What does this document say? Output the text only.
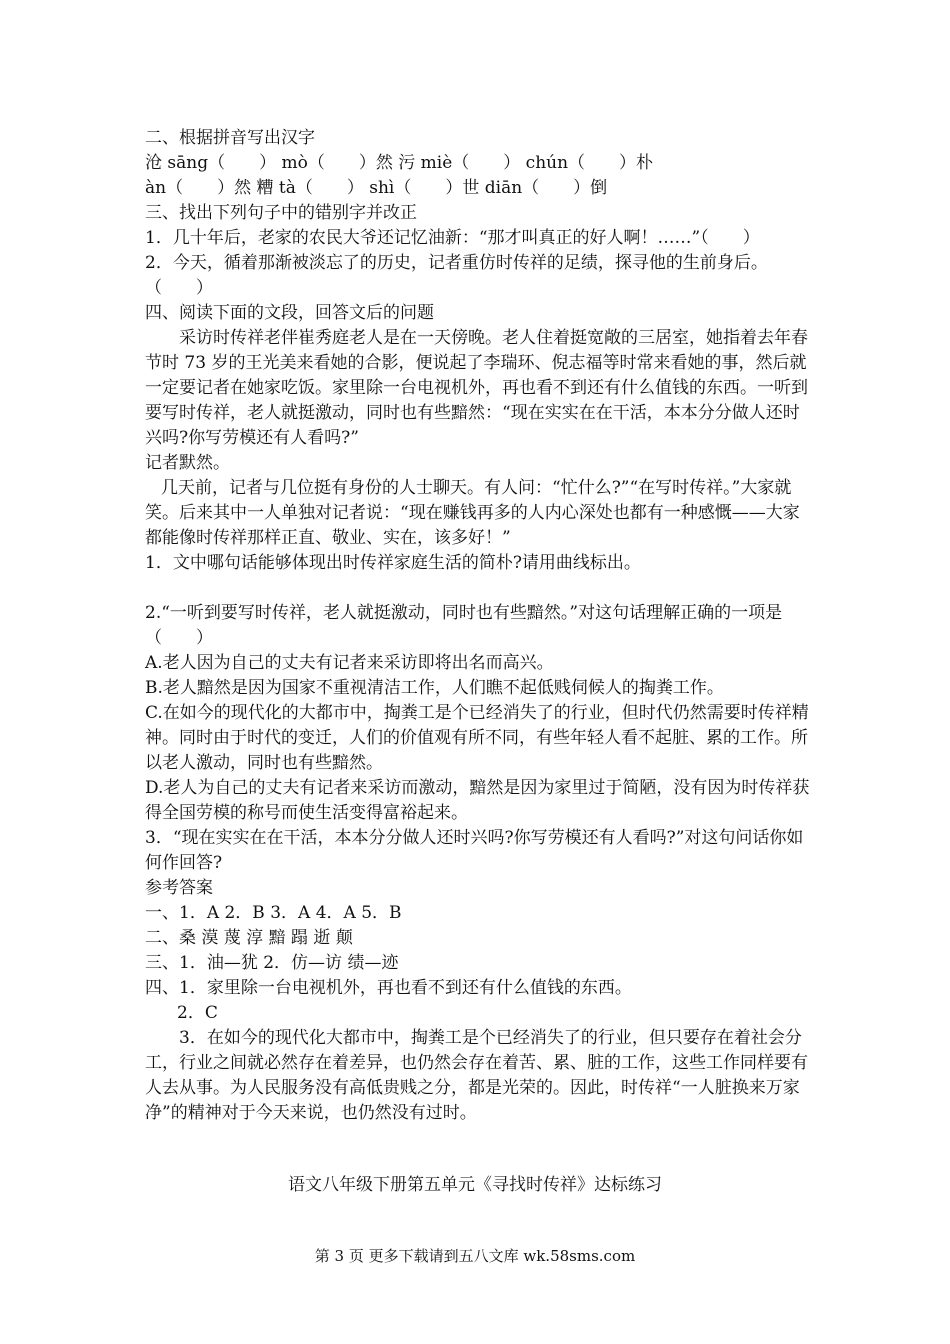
二、根据拼音写出汉字
沧 sāng（　　） mò（　　）然 污 miè（　　） chún（　　）朴
àn（　　）然 糟 tà（　　） shì（　　）世 diān（　　）倒
三、找出下列句子中的错别字并改正
1．几十年后，老家的农民大爷还记忆油新：“那才叫真正的好人啊！……”（　　）
2．今天，循着那渐被淡忘了的历史，记者重仿时传祥的足绩，探寻他的生前身后。（　　）
四、阅读下面的文段，回答文后的问题
采访时传祥老伴崔秀庭老人是在一天傍晚。老人住着挺宽敞的三居室，她指着去年春节时 73 岁的王光美来看她的合影，便说起了李瑞环、倪志福等时常来看她的事，然后就一定要记者在她家吃饭。家里除一台电视机外，再也看不到还有什么值钱的东西。一听到要写时传祥，老人就挺激动，同时也有些黯然：“现在实实在在干活，本本分分做人还时兴吗?你写劳模还有人看吗?”
记者默然。
几天前，记者与几位挺有身份的人士聊天。有人问：“忙什么?”“在写时传祥。”大家就笑。后来其中一人单独对记者说：“现在赚钱再多的人内心深处也都有一种感慨——大家都能像时传祥那样正直、敬业、实在，该多好！”
1．文中哪句话能够体现出时传祥家庭生活的简朴?请用曲线标出。
2.“一听到要写时传祥，老人就挺激动，同时也有些黯然。”对这句话理解正确的一项是（　　）
A.老人因为自己的丈夫有记者来采访即将出名而高兴。
B.老人黯然是因为国家不重视清洁工作，人们瞧不起低贱伺候人的掏粪工作。
C.在如今的现代化的大都市中，掏粪工是个已经消失了的行业，但时代仍然需要时传祥精神。同时由于时代的变迁，人们的价值观有所不同，有些年轻人看不起脏、累的工作。所以老人激动，同时也有些黯然。
D.老人为自己的丈夫有记者来采访而激动，黯然是因为家里过于简陋，没有因为时传祥获得全国劳模的称号而使生活变得富裕起来。
3．“现在实实在在干活，本本分分做人还时兴吗?你写劳模还有人看吗?”对这句问话你如何作回答?
参考答案
一、1．A 2．B 3．A 4．A 5．B
二、桑 漠 蔑 淳 黯 蹋 逝 颠
三、1．油—犹 2．仿—访 绩—迹
四、1．家里除一台电视机外，再也看不到还有什么值钱的东西。
2．C
3．在如今的现代化大都市中，掏粪工是个已经消失了的行业，但只要存在着社会分工，行业之间就必然存在着差异，也仍然会存在着苦、累、脏的工作，这些工作同样要有人去从事。为人民服务没有高低贵贱之分，都是光荣的。因此，时传祥“一人脏换来万家净”的精神对于今天来说，也仍然没有过时。
语文八年级下册第五单元《寻找时传祥》达标练习
第 3 页 更多下载请到五八文库 wk.58sms.com
